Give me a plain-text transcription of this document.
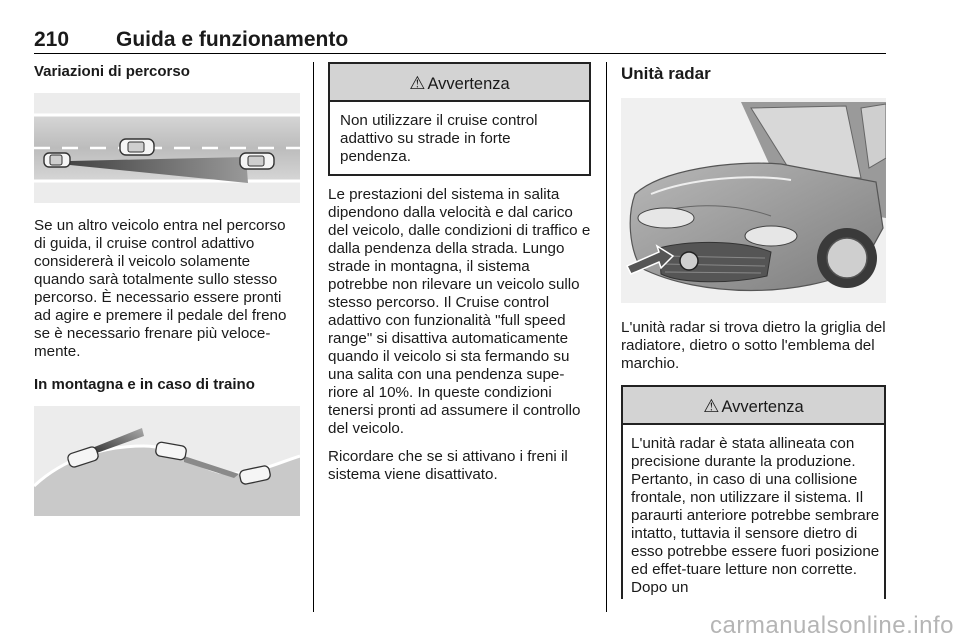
210 Guida e funzionamento
Variazioni di percorso
Se un altro veicolo entra nel percorso di guida, il cruise control adattivo considererà il veicolo solamente quando sarà totalmente sullo stesso percorso. È necessario essere pronti ad agire e premere il pedale del freno se è necessario frenare più veloce-mente.
In montagna e in caso di traino
⚠ Avvertenza
Non utilizzare il cruise control adattivo su strade in forte pendenza.
Le prestazioni del sistema in salita dipendono dalla velocità e dal carico del veicolo, dalle condizioni di traffico e dalla pendenza della strada. Lungo strade in montagna, il sistema potrebbe non rilevare un veicolo sullo stesso percorso. Il Cruise control adattivo con funzionalità "full speed range" si disattiva automaticamente quando il veicolo si sta fermando su una salita con una pendenza supe-riore al 10%. In queste condizioni tenersi pronti ad assumere il controllo del veicolo.
Ricordare che se si attivano i freni il sistema viene disattivato.
Unità radar
L'unità radar si trova dietro la griglia del radiatore, dietro o sotto l'emblema del marchio.
⚠ Avvertenza
L'unità radar è stata allineata con precisione durante la produzione. Pertanto, in caso di una collisione frontale, non utilizzare il sistema. Il paraurti anteriore potrebbe sembrare intatto, tuttavia il sensore dietro di esso potrebbe essere fuori posizione ed effet-tuare letture non corrette. Dopo un
carmanualsonline.info
